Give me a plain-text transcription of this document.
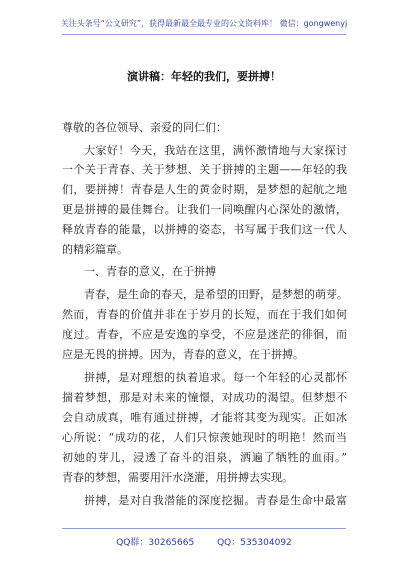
关注头条号“公文研究”，获得最新最全最专业的公文资料库！ 微信：gongwenyj
演讲稿：年轻的我们，要拼搏！
尊敬的各位领导、亲爱的同仁们：
大家好！今天，我站在这里，满怀激情地与大家探讨
一个关于青春、关于梦想、关于拼搏的主题——年轻的我
们，要拼搏！青春是人生的黄金时期，是梦想的起航之地
更是拼搏的最佳舞台。让我们一同唤醒内心深处的激情，
释放青春的能量，以拼搏的姿态，书写属于我们这一代人
的精彩篇章。
一、青春的意义，在于拼搏
青春，是生命的春天，是希望的田野，是梦想的萌芽。
然而，青春的价值并非在于岁月的长短，而在于我们如何
度过。青春，不应是安逸的享受，不应是迷茫的徘徊，而
应是无畏的拼搏。因为，青春的意义，在于拼搏。
拼搏，是对理想的执着追求。每一个年轻的心灵都怀
揣着梦想，那是对未来的憧憬，对成功的渴望。但梦想不
会自动成真，唯有通过拼搏，才能将其变为现实。正如冰
心所说：“成功的花，人们只惊羡她现时的明艳！然而当
初她的芽儿，浸透了奋斗的泪泉，洒遍了牺牲的血雨。”
青春的梦想，需要用汗水浇灌，用拼搏去实现。
拼搏，是对自我潜能的深度挖掘。青春是生命中最富
QQ群：30265665	QQ：535304092
